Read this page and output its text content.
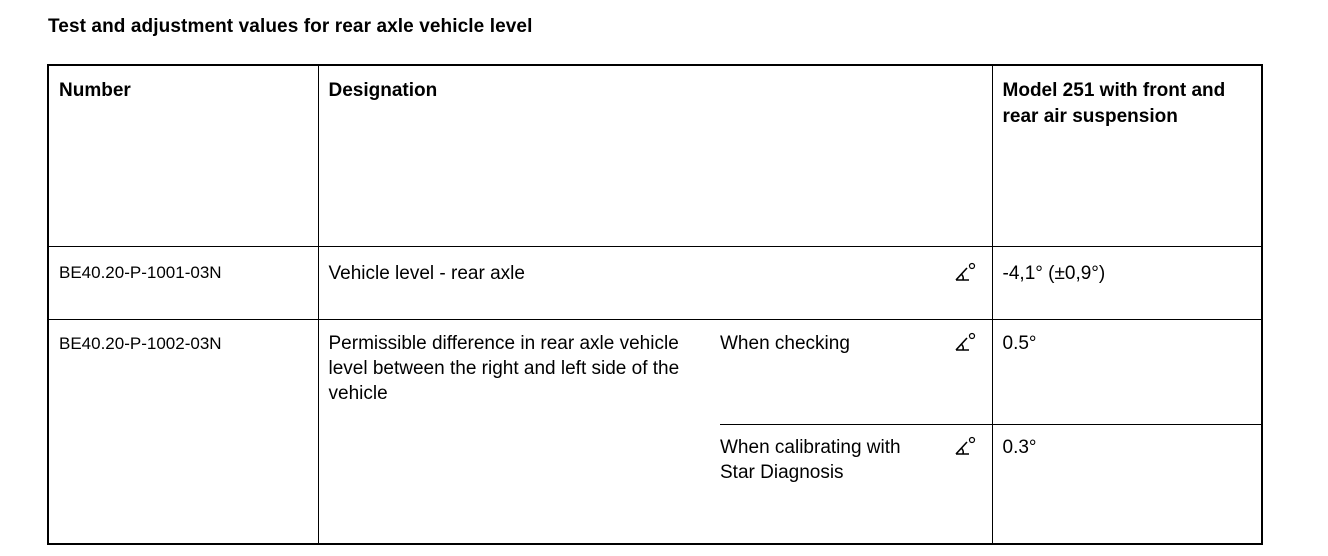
Test and adjustment values for rear axle vehicle level
Number	Designation		Model 251 with front and rear air suspension

BE40.20-P-1001-03N	Vehicle level - rear axle		-4,1° (±0,9°)

BE40.20-P-1002-03N	Permissible difference in rear axle vehicle level between the right and left side of the vehicle	When checking	0.5°

		When calibrating with Star Diagnosis	0.3°
